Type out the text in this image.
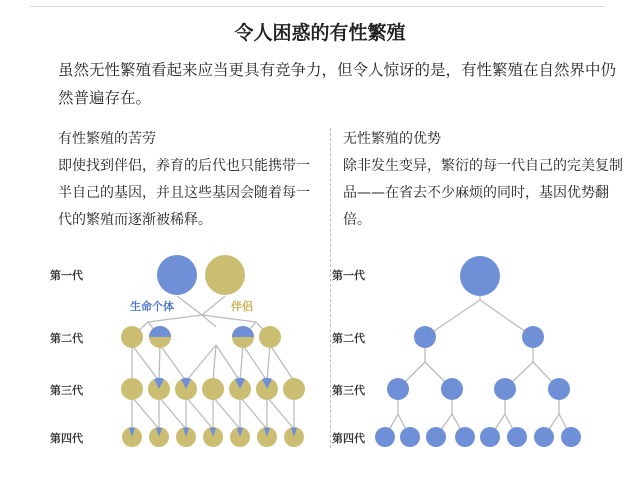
令人困惑的有性繁殖
虽然无性繁殖看起来应当更具有竞争力，但令人惊讶的是，有性繁殖在自然界中仍然普遍存在。
有性繁殖的苦劳
即使找到伴侣，养育的后代也只能携带一半自己的基因，并且这些基因会随着每一代的繁殖而逐渐被稀释。
无性繁殖的优势
除非发生变异，繁衍的每一代自己的完美复制品——在省去不少麻烦的同时，基因优势翻倍。
第一代
第二代
第三代
第四代
第一代
第二代
第三代
第四代
生命个体	伴侣
